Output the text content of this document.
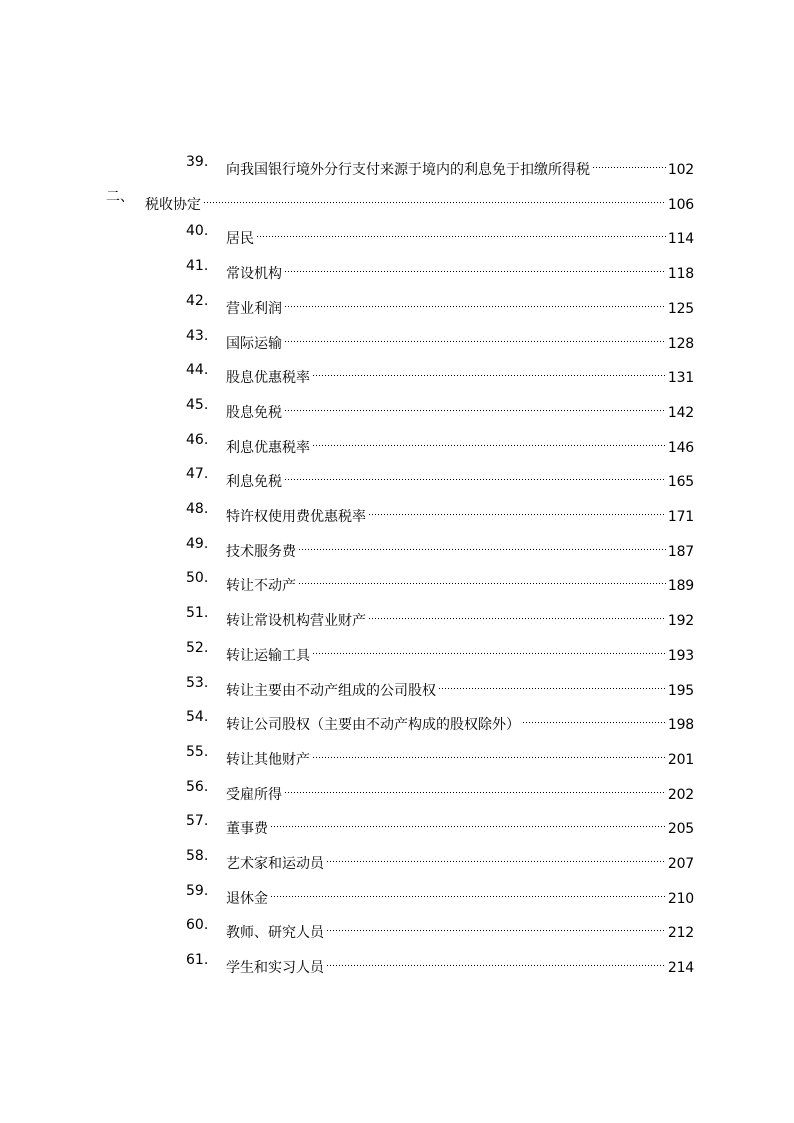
39. 向我国银行境外分行支付来源于境内的利息免于扣缴所得税	102
二、 税收协定	106
40. 居民	114
41. 常设机构	118
42. 营业利润	125
43. 国际运输	128
44. 股息优惠税率	131
45. 股息免税	142
46. 利息优惠税率	146
47. 利息免税	165
48. 特许权使用费优惠税率	171
49. 技术服务费	187
50. 转让不动产	189
51. 转让常设机构营业财产	192
52. 转让运输工具	193
53. 转让主要由不动产组成的公司股权	195
54. 转让公司股权（主要由不动产构成的股权除外）	198
55. 转让其他财产	201
56. 受雇所得	202
57. 董事费	205
58. 艺术家和运动员	207
59. 退休金	210
60. 教师、研究人员	212
61. 学生和实习人员	214
